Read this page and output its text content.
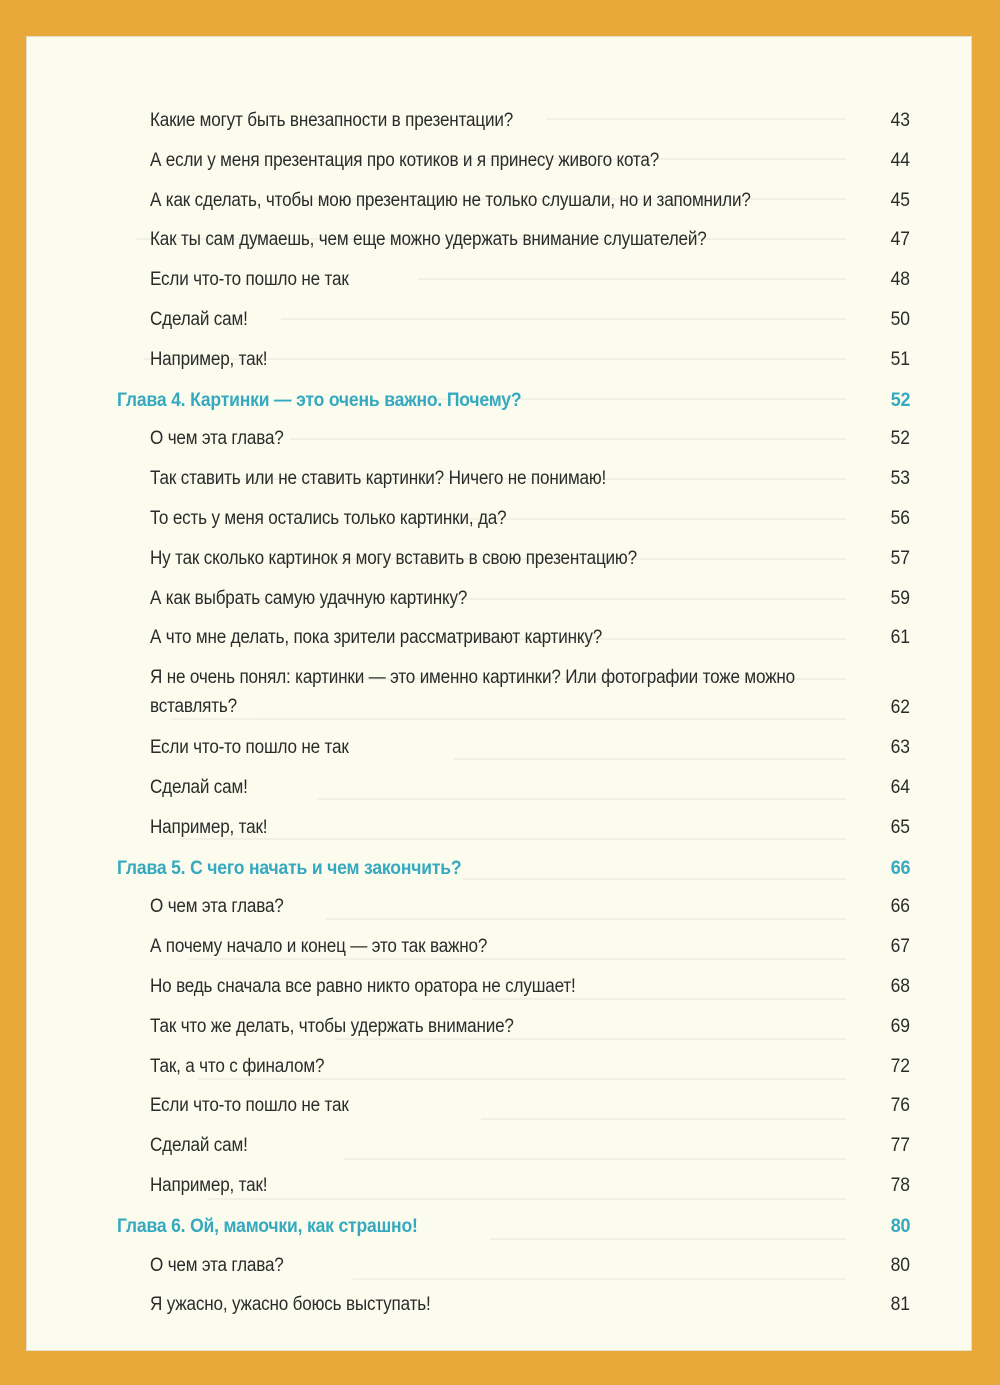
Какие могут быть внезапности в презентации?	43
А если у меня презентация про котиков и я принесу живого кота?	44
А как сделать, чтобы мою презентацию не только слушали, но и запомнили?	45
Как ты сам думаешь, чем еще можно удержать внимание слушателей?	47
Если что-то пошло не так	48
Сделай сам!	50
Например, так!	51
Глава 4. Картинки — это очень важно. Почему?	52
О чем эта глава?	52
Так ставить или не ставить картинки? Ничего не понимаю!	53
То есть у меня остались только картинки, да?	56
Ну так сколько картинок я могу вставить в свою презентацию?	57
А как выбрать самую удачную картинку?	59
А что мне делать, пока зрители рассматривают картинку?	61
Я не очень понял: картинки — это именно картинки? Или фотографии тоже можно вставлять?	62
Если что-то пошло не так	63
Сделай сам!	64
Например, так!	65
Глава 5. С чего начать и чем закончить?	66
О чем эта глава?	66
А почему начало и конец — это так важно?	67
Но ведь сначала все равно никто оратора не слушает!	68
Так что же делать, чтобы удержать внимание?	69
Так, а что с финалом?	72
Если что-то пошло не так	76
Сделай сам!	77
Например, так!	78
Глава 6. Ой, мамочки, как страшно!	80
О чем эта глава?	80
Я ужасно, ужасно боюсь выступать!	81
